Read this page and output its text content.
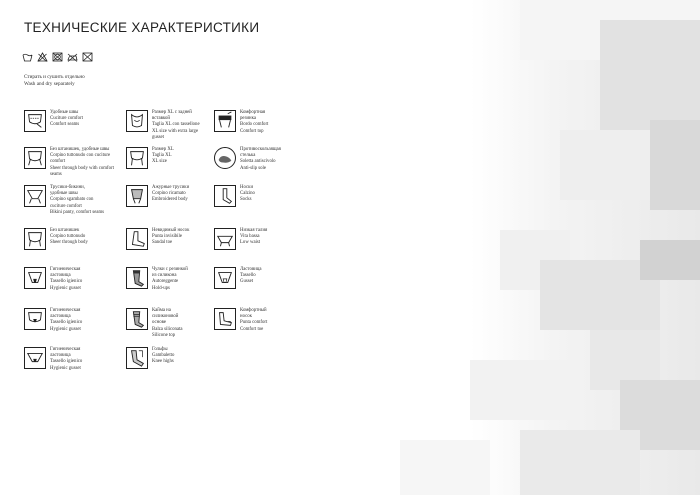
ТЕХНИЧЕСКИЕ ХАРАКТЕРИСТИКИ
Стирать и сушить отдельно
Wash and dry separately
Удобные швы
Cuciture comfort
Comfort seams
Размер XL с задней
вставкой
Taglia XL con tassellone
XL size with extra large
gusset
Комфортная
резинка
Bordo comfort
Comfort top
Без штанишек, удобные швы
Corpino tuttonudo con cuciture
comfort
Sheer through body with comfort
seams
Размер XL
Taglia XL
XL size
Противоскользящая
стелька
Soletta antiscivolo
Anti-slip sole
Трусики-бикини,
удобные швы
Corpino sgambato con
cuciture comfort
Bikini panty, comfort seams
Ажурные трусики
Corpino ricamato
Embroidered body
Носки
Calzino
Socks
Без штанишек
Corpino tuttonudo
Sheer through body
Невидимый носок
Punta invisibile
Sandal toe
Низкая талия
Vita bassa
Low waist
Гигиеническая
ластовица
Tassello igienico
Hygienic gusset
Чулки с резинкой
из силикона
Autoreggente
Hold-ups
Ластовица
Tassello
Gusset
Гигиеническая
ластовица
Tassello igienico
Hygienic gusset
Кайма на
силиконовой
основе
Balza siliconata
Silicone top
Комфортный
носок
Punta comfort
Comfort toe
Гигиеническая
ластовица
Tassello igienico
Hygienic gusset
Гольфы
Gambaletto
Knee highs
